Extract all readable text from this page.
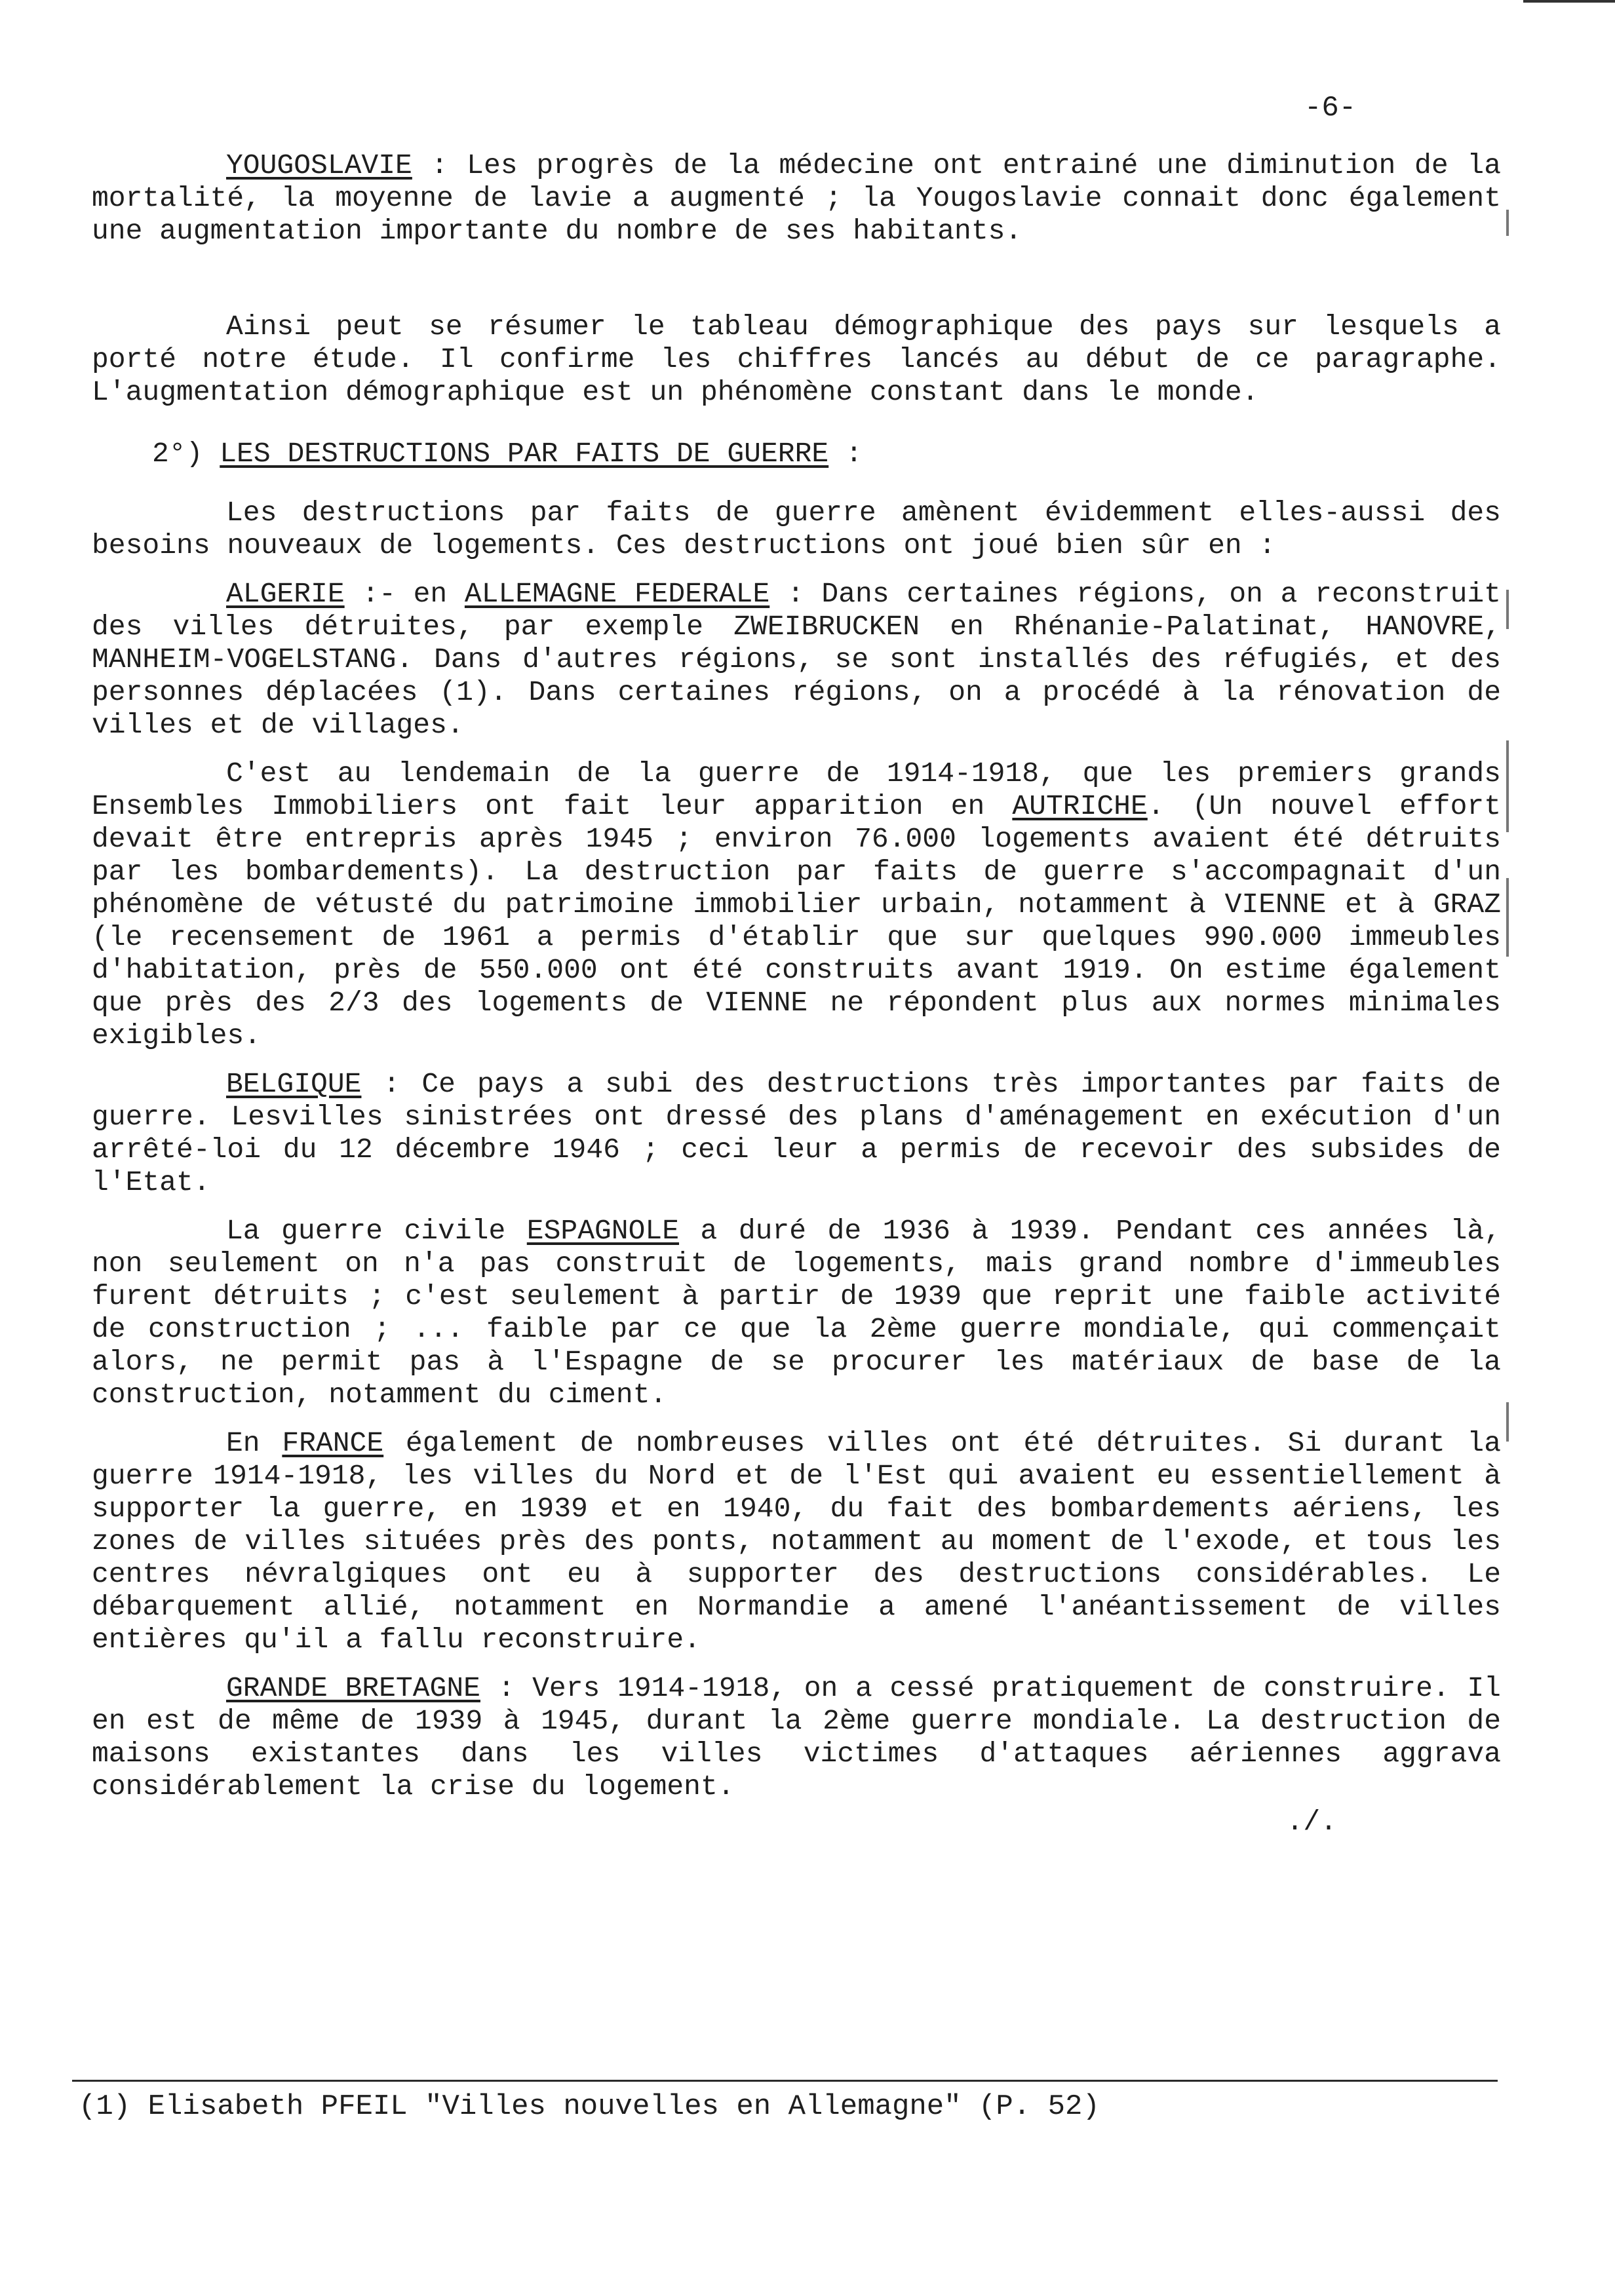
-6-

YOUGOSLAVIE : Les progrès de la médecine ont entrainé une diminution de la mortalité, la moyenne de lavie a augmenté ; la Yougoslavie connait donc également une augmentation importante du nombre de ses habitants.

Ainsi peut se résumer le tableau démographique des pays sur lesquels a porté notre étude. Il confirme les chiffres lancés au début de ce paragraphe. L'augmentation démographique est un phénomène constant dans le monde.

2°) LES DESTRUCTIONS PAR FAITS DE GUERRE :

Les destructions par faits de guerre amènent évidemment elles-aussi des besoins nouveaux de logements. Ces destructions ont joué bien sûr en :

ALGERIE :- en ALLEMAGNE FEDERALE : Dans certaines régions, on a reconstruit des villes détruites, par exemple ZWEIBRUCKEN en Rhénanie-Palatinat, HANOVRE, MANHEIM-VOGELSTANG. Dans d'autres régions, se sont installés des réfugiés, et des personnes déplacées (1). Dans certaines régions, on a procédé à la rénovation de villes et de villages.

C'est au lendemain de la guerre de 1914-1918, que les premiers grands Ensembles Immobiliers ont fait leur apparition en AUTRICHE. (Un nouvel effort devait être entrepris après 1945 ; environ 76.000 logements avaient été détruits par les bombardements). La destruction par faits de guerre s'accompagnait d'un phénomène de vétusté du patrimoine immobilier urbain, notamment à VIENNE et à GRAZ (le recensement de 1961 a permis d'établir que sur quelques 990.000 immeubles d'habitation, près de 550.000 ont été construits avant 1919. On estime également que près des 2/3 des logements de VIENNE ne répondent plus aux normes minimales exigibles.

BELGIQUE : Ce pays a subi des destructions très importantes par faits de guerre. Lesvilles sinistrées ont dressé des plans d'aménagement en exécution d'un arrêté-loi du 12 décembre 1946 ; ceci leur a permis de recevoir des subsides de l'Etat.

La guerre civile ESPAGNOLE a duré de 1936 à 1939. Pendant ces années là, non seulement on n'a pas construit de logements, mais grand nombre d'immeubles furent détruits ; c'est seulement à partir de 1939 que reprit une faible activité de construction ; ... faible par ce que la 2ème guerre mondiale, qui commençait alors, ne permit pas à l'Espagne de se procurer les matériaux de base de la construction, notamment du ciment.

En FRANCE également de nombreuses villes ont été détruites. Si durant la guerre 1914-1918, les villes du Nord et de l'Est qui avaient eu essentiellement à supporter la guerre, en 1939 et en 1940, du fait des bombardements aériens, les zones de villes situées près des ponts, notamment au moment de l'exode, et tous les centres névralgiques ont eu à supporter des destructions considérables. Le débarquement allié, notamment en Normandie a amené l'anéantissement de villes entières qu'il a fallu reconstruire.

GRANDE BRETAGNE : Vers 1914-1918, on a cessé pratiquement de construire. Il en est de même de 1939 à 1945, durant la 2ème guerre mondiale. La destruction de maisons existantes dans les villes victimes d'attaques aériennes aggrava considérablement la crise du logement.

./.

(1) Elisabeth PFEIL "Villes nouvelles en Allemagne" (P. 52)
